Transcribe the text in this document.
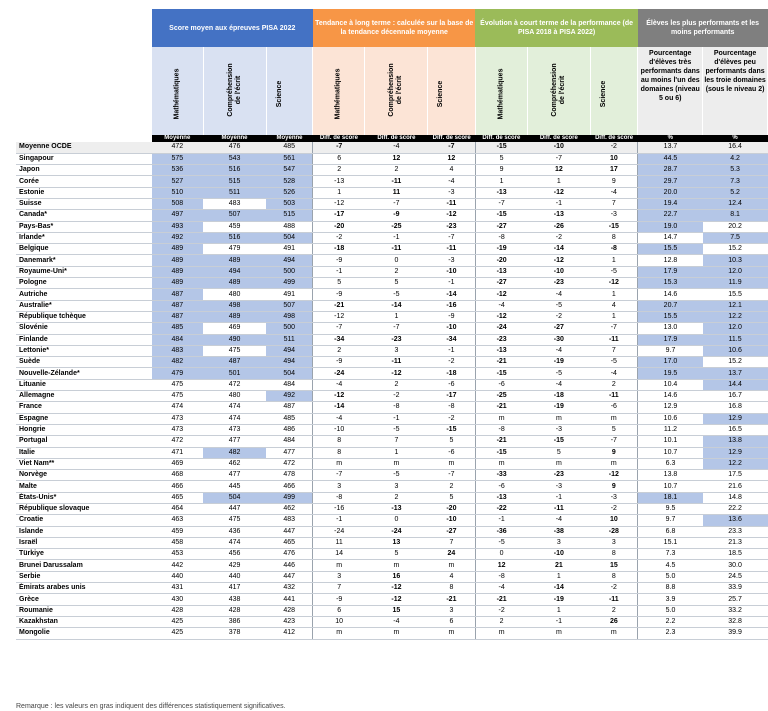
	Score moyen aux épreuves PISA 2022			Tendance à long terme : calculée sur la base de la tendance décennale moyenne			Évolution à court terme de la performance (de PISA 2018 à PISA 2022)			Élèves les plus performants et les moins performants	
	Mathématiques	Compréhension de l'écrit	Science	Mathématiques	Compréhension de l'écrit	Science	Mathématiques	Compréhension de l'écrit	Science	Pourcentage d'élèves très performants dans au moins l'un des domaines (niveau 5 ou 6)	Pourcentage d'élèves peu performants dans les troie domaines (sous le niveau 2)
	Moyenne	Moyenne	Moyenne	Diff. de score	Diff. de score	Diff. de score	Diff. de score	Diff. de score	Diff. de score	%	%
Moyenne OCDE	472	476	485	-7	-4	-7	-15	-10	-2	13.7	16.4
Singapour	575	543	561	6	12	12	5	-7	10	44.5	4.2
Japon	536	516	547	2	2	4	9	12	17	28.7	5.3
Corée	527	515	528	-13	-11	-4	1	1	9	29.7	7.3
Estonie	510	511	526	1	11	-3	-13	-12	-4	20.0	5.2
Suisse	508	483	503	-12	-7	-11	-7	-1	7	19.4	12.4
Canada*	497	507	515	-17	-9	-12	-15	-13	-3	22.7	8.1
Pays-Bas*	493	459	488	-20	-25	-23	-27	-26	-15	19.0	20.2
Irlande*	492	516	504	-2	-1	-7	-8	-2	8	14.7	7.5
Belgique	489	479	491	-18	-11	-11	-19	-14	-8	15.5	15.2
Danemark*	489	489	494	-9	0	-3	-20	-12	1	12.8	10.3
Royaume-Uni*	489	494	500	-1	2	-10	-13	-10	-5	17.9	12.0
Pologne	489	489	499	5	5	-1	-27	-23	-12	15.3	11.9
Autriche	487	480	491	-9	-5	-14	-12	-4	1	14.6	15.5
Australie*	487	498	507	-21	-14	-16	-4	-5	4	20.7	12.1
République tchèque	487	489	498	-12	1	-9	-12	-2	1	15.5	12.2
Slovénie	485	469	500	-7	-7	-10	-24	-27	-7	13.0	12.0
Finlande	484	490	511	-34	-23	-34	-23	-30	-11	17.9	11.5
Lettonie*	483	475	494	2	3	-1	-13	-4	7	9.7	10.6
Suède	482	487	494	-9	-11	-2	-21	-19	-5	17.0	15.2
Nouvelle-Zélande*	479	501	504	-24	-12	-18	-15	-5	-4	19.5	13.7
Lituanie	475	472	484	-4	2	-6	-6	-4	2	10.4	14.4
Allemagne	475	480	492	-12	-2	-17	-25	-18	-11	14.6	16.7
France	474	474	487	-14	-8	-8	-21	-19	-6	12.9	16.8
Espagne	473	474	485	-4	-1	-2	m	m	m	10.6	12.9
Hongrie	473	473	486	-10	-5	-15	-8	-3	5	11.2	16.5
Portugal	472	477	484	8	7	5	-21	-15	-7	10.1	13.8
Italie	471	482	477	8	1	-6	-15	5	9	10.7	12.9
Viet Nam**	469	462	472	m	m	m	m	m	m	6.3	12.2
Norvège	468	477	478	-7	-5	-7	-33	-23	-12	13.8	17.5
Malte	466	445	466	3	3	2	-6	-3	9	10.7	21.6
États-Unis*	465	504	499	-8	2	5	-13	-1	-3	18.1	14.8
République slovaque	464	447	462	-16	-13	-20	-22	-11	-2	9.5	22.2
Croatie	463	475	483	-1	0	-10	-1	-4	10	9.7	13.6
Islande	459	436	447	-24	-24	-27	-36	-38	-28	6.8	23.3
Israël	458	474	465	11	13	7	-5	3	3	15.1	21.3
Türkiye	453	456	476	14	5	24	0	-10	8	7.3	18.5
Brunei Darussalam	442	429	446	m	m	m	12	21	15	4.5	30.0
Serbie	440	440	447	3	16	4	-8	1	8	5.0	24.5
Émirats arabes unis	431	417	432	7	-12	8	-4	-14	-2	8.8	33.9
Grèce	430	438	441	-9	-12	-21	-21	-19	-11	3.9	25.7
Roumanie	428	428	428	6	15	3	-2	1	2	5.0	33.2
Kazakhstan	425	386	423	10	-4	6	2	-1	26	2.2	32.8
Mongolie	425	378	412	m	m	m	m	m	m	2.3	39.9
Remarque : les valeurs en gras indiquent des différences statistiquement significatives.
